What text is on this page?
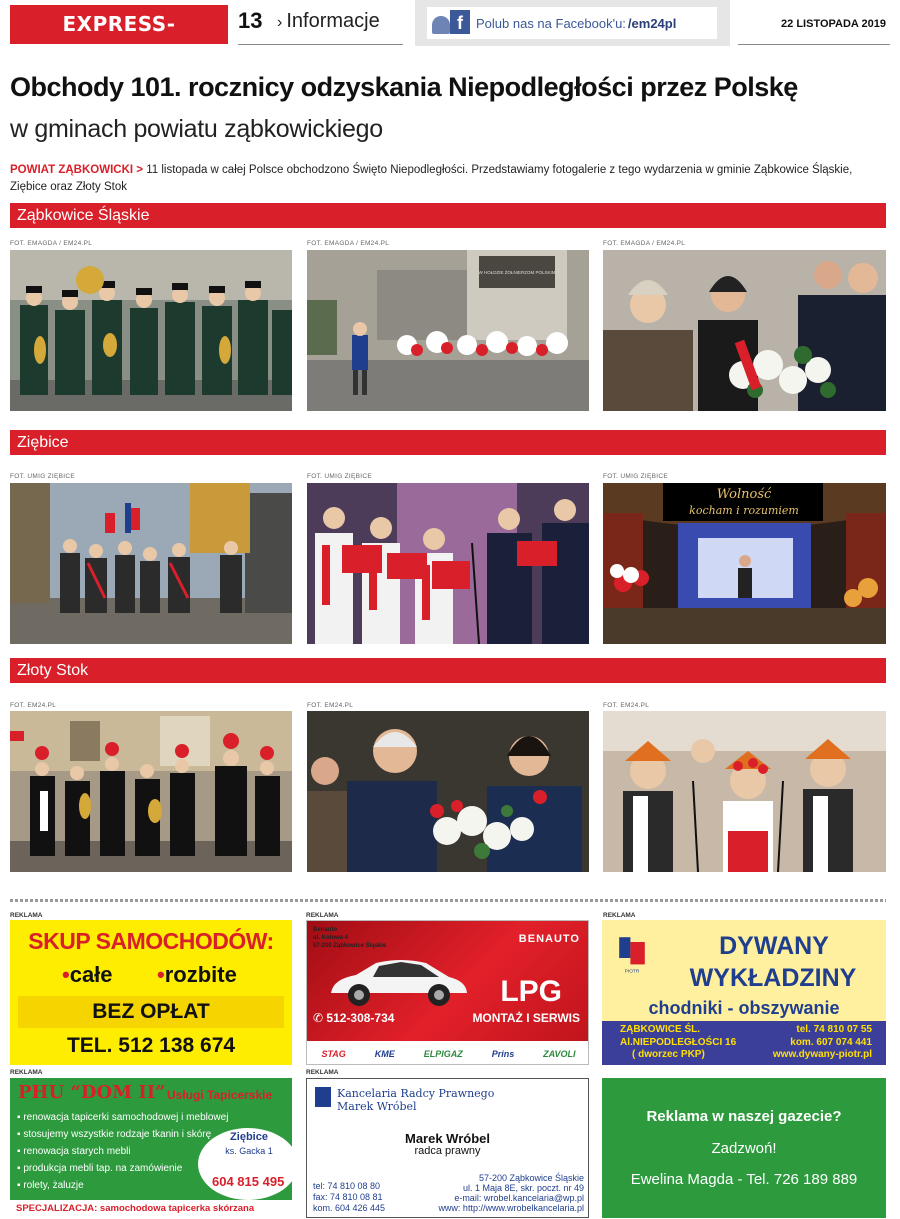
EXPRESS-MIEJSKI.PL
13 › Informacje	f	Polub nas na Facebook'u: /em24pl	22 LISTOPADA 2019
Obchody 101. rocznicy odzyskania Niepodległości przez Polskę
w gminach powiatu ząbkowickiego
POWIAT ZĄBKOWICKI > 11 listopada w całej Polsce obchodzono Święto Niepodległości. Przedstawiamy fotogalerie z tego wydarzenia w gminie Ząbkowice Śląskie, Ziębice oraz Złoty Stok
Ząbkowice Śląskie
FOT. EMAGDA / EM24.PL	FOT. EMAGDA / EM24.PL	FOT. EMAGDA / EM24.PL
W HOŁDZIE ŻOŁNIERZOM POLSKIM
Ziębice
FOT. UMIG ZIĘBICE	FOT. UMIG ZIĘBICE	FOT. UMIG ZIĘBICE
Wolność
kocham i rozumiem
Złoty Stok
FOT. EM24.PL	FOT. EM24.PL	FOT. EM24.PL
REKLAMA	REKLAMA	REKLAMA
SKUP SAMOCHODÓW:
•całe •rozbite
BEZ OPŁAT
TEL. 512 138 674
Benauto
ul. Kolowa 4
57-200 Ząbkowice Śląskie
BENAUTO
LPG
MONTAŻ I SERWIS
✆ 512-308-734
STAG	KME	ELPIGAZ	Prins	ZAVOLI
PIOTR
DYWANY
WYKŁADZINY
chodniki - obszywanie
ZĄBKOWICE ŚL.
Al.NIEPODLEGŁOŚCI 16
( dworzec PKP)
tel. 74 810 07 55
kom. 607 074 441
www.dywany-piotr.pl
REKLAMA	REKLAMA
PHU “DOM II” Usługi Tapicerskie
▪ renowacja tapicerki samochodowej i meblowej
▪ stosujemy wszystkie rodzaje tkanin i skórę
▪ renowacja starych mebli
▪ produkcja mebli tap. na zamówienie
▪ rolety, żaluzje
Ziębice
ks. Gacka 1
604 815 495
SPECJALIZACJA: samochodowa tapicerka skórzana
Kancelaria Radcy Prawnego
Marek Wróbel
Marek Wróbel
radca prawny
tel: 74 810 08 80
fax: 74 810 08 81
kom. 604 426 445
57-200 Ząbkowice Śląskie
ul. 1 Maja 8E, skr. poczt. nr 49
e-mail: wrobel.kancelaria@wp.pl
www: http://www.wrobelkancelaria.pl
Reklama w naszej gazecie?
Zadzwoń!
Ewelina Magda - Tel. 726 189 889
